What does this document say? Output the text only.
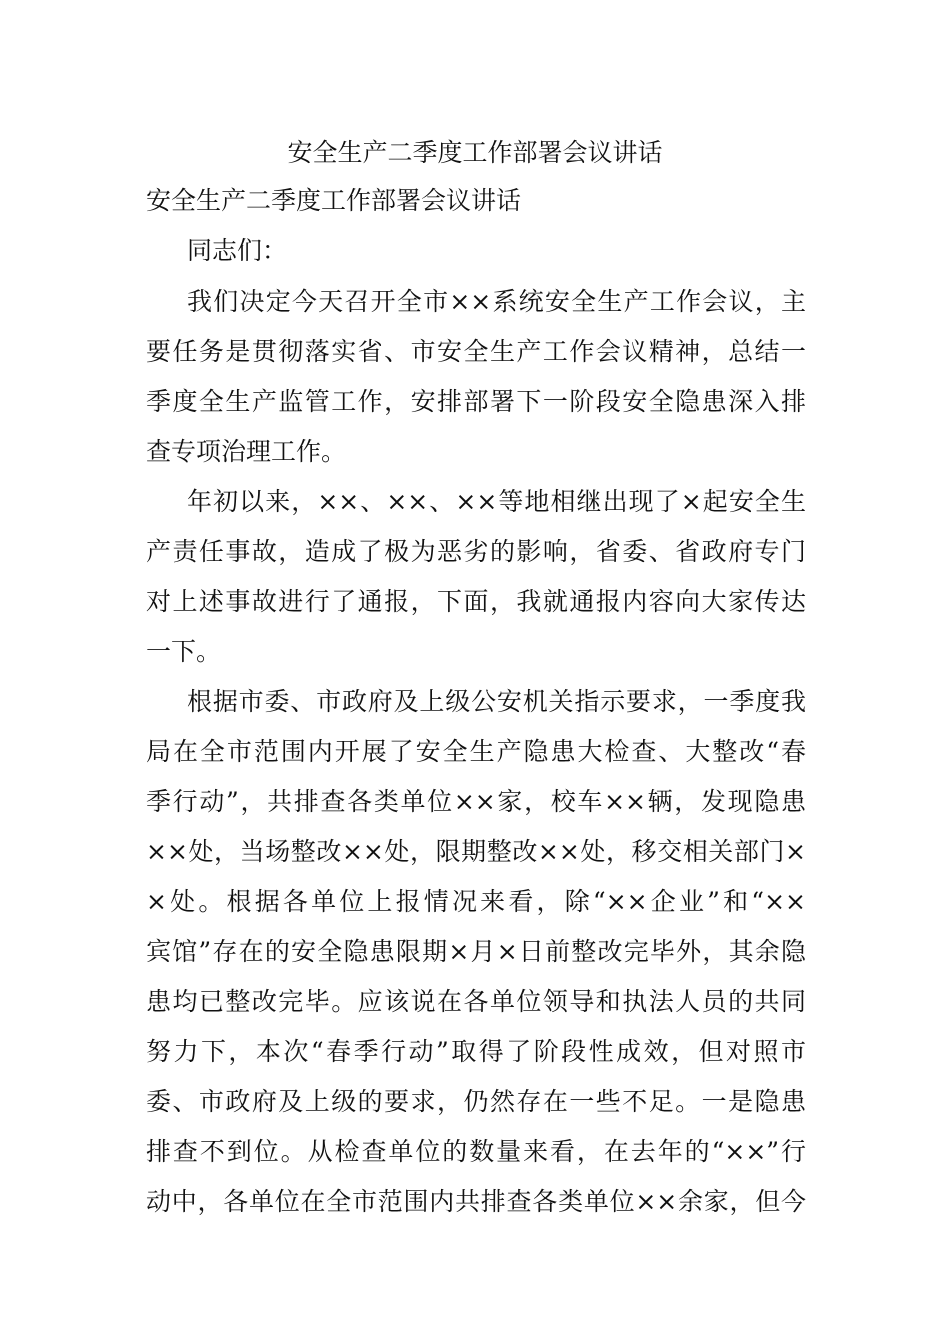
安全生产二季度工作部署会议讲话
安全生产二季度工作部署会议讲话
同志们：
我们决定今天召开全市××系统安全生产工作会议，主
要任务是贯彻落实省、市安全生产工作会议精神，总结一
季度全生产监管工作，安排部署下一阶段安全隐患深入排
查专项治理工作。
年初以来，××、××、××等地相继出现了×起安全生
产责任事故，造成了极为恶劣的影响，省委、省政府专门
对上述事故进行了通报，下面，我就通报内容向大家传达
一下。
根据市委、市政府及上级公安机关指示要求，一季度我
局在全市范围内开展了安全生产隐患大检查、大整改“春
季行动”，共排查各类单位××家，校车××辆，发现隐患
××处，当场整改××处，限期整改××处，移交相关部门×
×处。根据各单位上报情况来看，除“××企业”和“××
宾馆”存在的安全隐患限期×月×日前整改完毕外，其余隐
患均已整改完毕。应该说在各单位领导和执法人员的共同
努力下，本次“春季行动”取得了阶段性成效，但对照市
委、市政府及上级的要求，仍然存在一些不足。一是隐患
排查不到位。从检查单位的数量来看，在去年的“××”行
动中，各单位在全市范围内共排查各类单位××余家，但今
